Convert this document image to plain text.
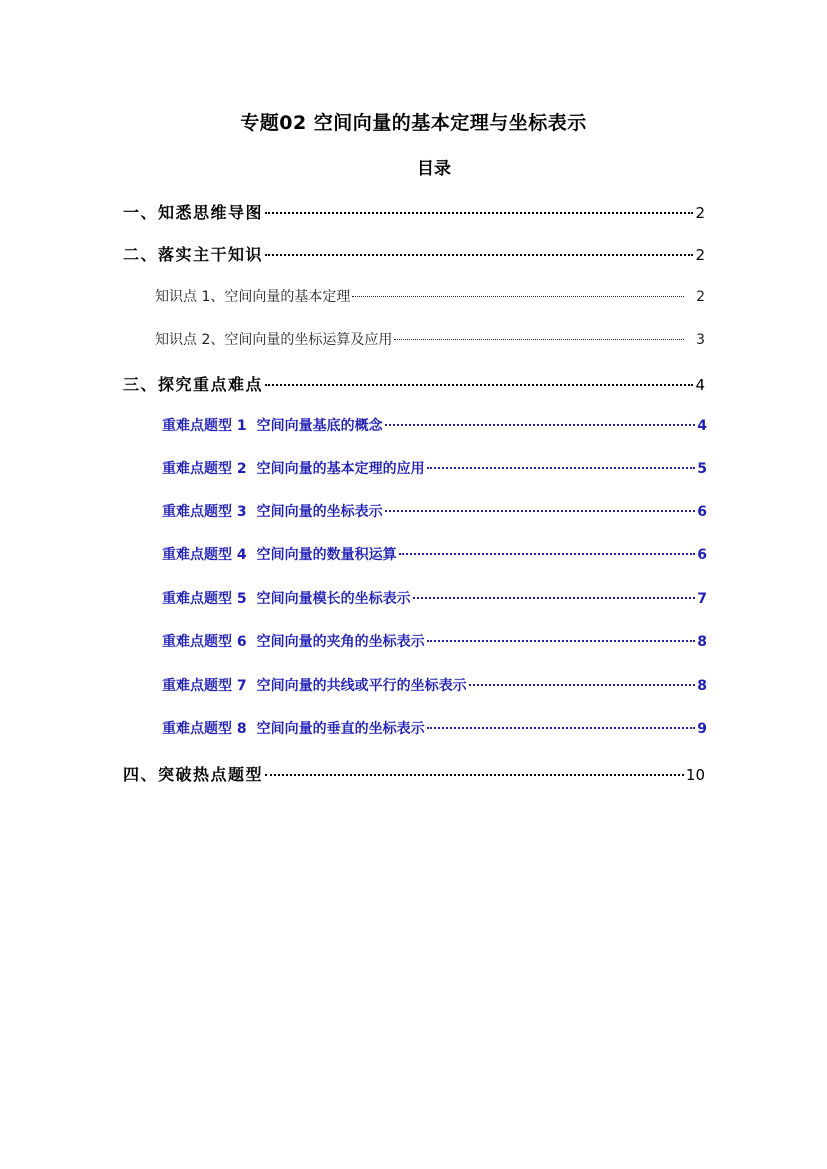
专题02 空间向量的基本定理与坐标表示
目录
一、知悉思维导图	2
二、落实主干知识	2
知识点 1、空间向量的基本定理	2
知识点 2、空间向量的坐标运算及应用	3
三、探究重点难点	4
重难点题型 1 空间向量基底的概念	4
重难点题型 2 空间向量的基本定理的应用	5
重难点题型 3 空间向量的坐标表示	6
重难点题型 4 空间向量的数量积运算	6
重难点题型 5 空间向量模长的坐标表示	7
重难点题型 6 空间向量的夹角的坐标表示	8
重难点题型 7 空间向量的共线或平行的坐标表示	8
重难点题型 8 空间向量的垂直的坐标表示	9
四、突破热点题型	10
